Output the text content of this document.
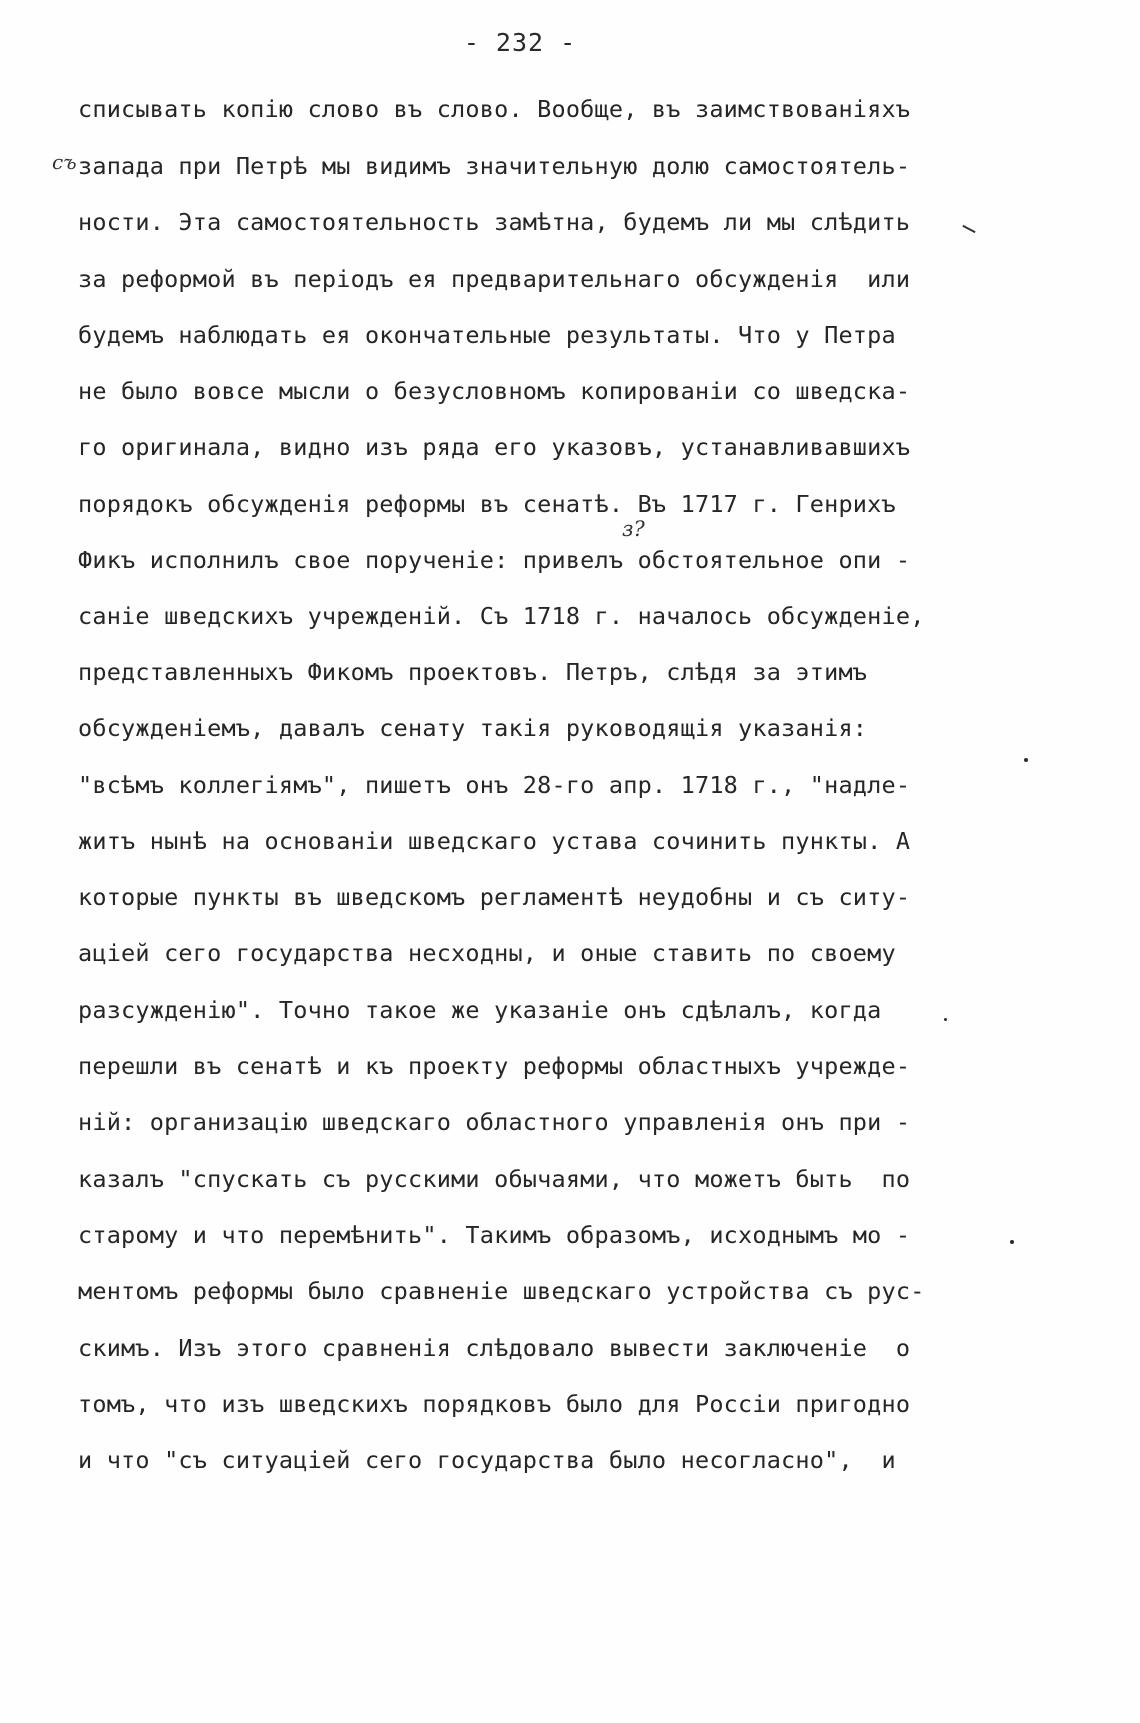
- 232 -
съ
з?
списывать копію слово въ слово. Вообще, въ заимствованіяхъ
запада при Петрѣ мы видимъ значительную долю самостоятель-
ности. Эта самостоятельность замѣтна, будемъ ли мы слѣдить
за реформой въ періодъ ея предварительнаго обсужденія  или
будемъ наблюдать ея окончательные результаты. Что у Петра
не было вовсе мысли о безусловномъ копированіи со шведска-
го оригинала, видно изъ ряда его указовъ, устанавливавшихъ
порядокъ обсужденія реформы въ сенатѣ. Въ 1717 г. Генрихъ
Фикъ исполнилъ свое порученіе: привелъ обстоятельное опи -
саніе шведскихъ учрежденій. Съ 1718 г. началось обсужденіе,
представленныхъ Фикомъ проектовъ. Петръ, слѣдя за этимъ
обсужденіемъ, давалъ сенату такія руководящія указанія:
"всѣмъ коллегіямъ", пишетъ онъ 28-го апр. 1718 г., "надле-
житъ нынѣ на основаніи шведскаго устава сочинить пункты. А
которые пункты въ шведскомъ регламентѣ неудобны и съ ситу-
аціей сего государства несходны, и оные ставить по своему
разсужденію". Точно такое же указаніе онъ сдѣлалъ, когда
перешли въ сенатѣ и къ проекту реформы областныхъ учрежде-
ній: организацію шведскаго областного управленія онъ при -
казалъ "спускать съ русскими обычаями, что можетъ быть  по
старому и что перемѣнить". Такимъ образомъ, исходнымъ мо -
ментомъ реформы было сравненіе шведскаго устройства съ рус-
скимъ. Изъ этого сравненія слѣдовало вывести заключеніе  о
томъ, что изъ шведскихъ порядковъ было для Россіи пригодно
и что "съ ситуаціей сего государства было несогласно",  и
